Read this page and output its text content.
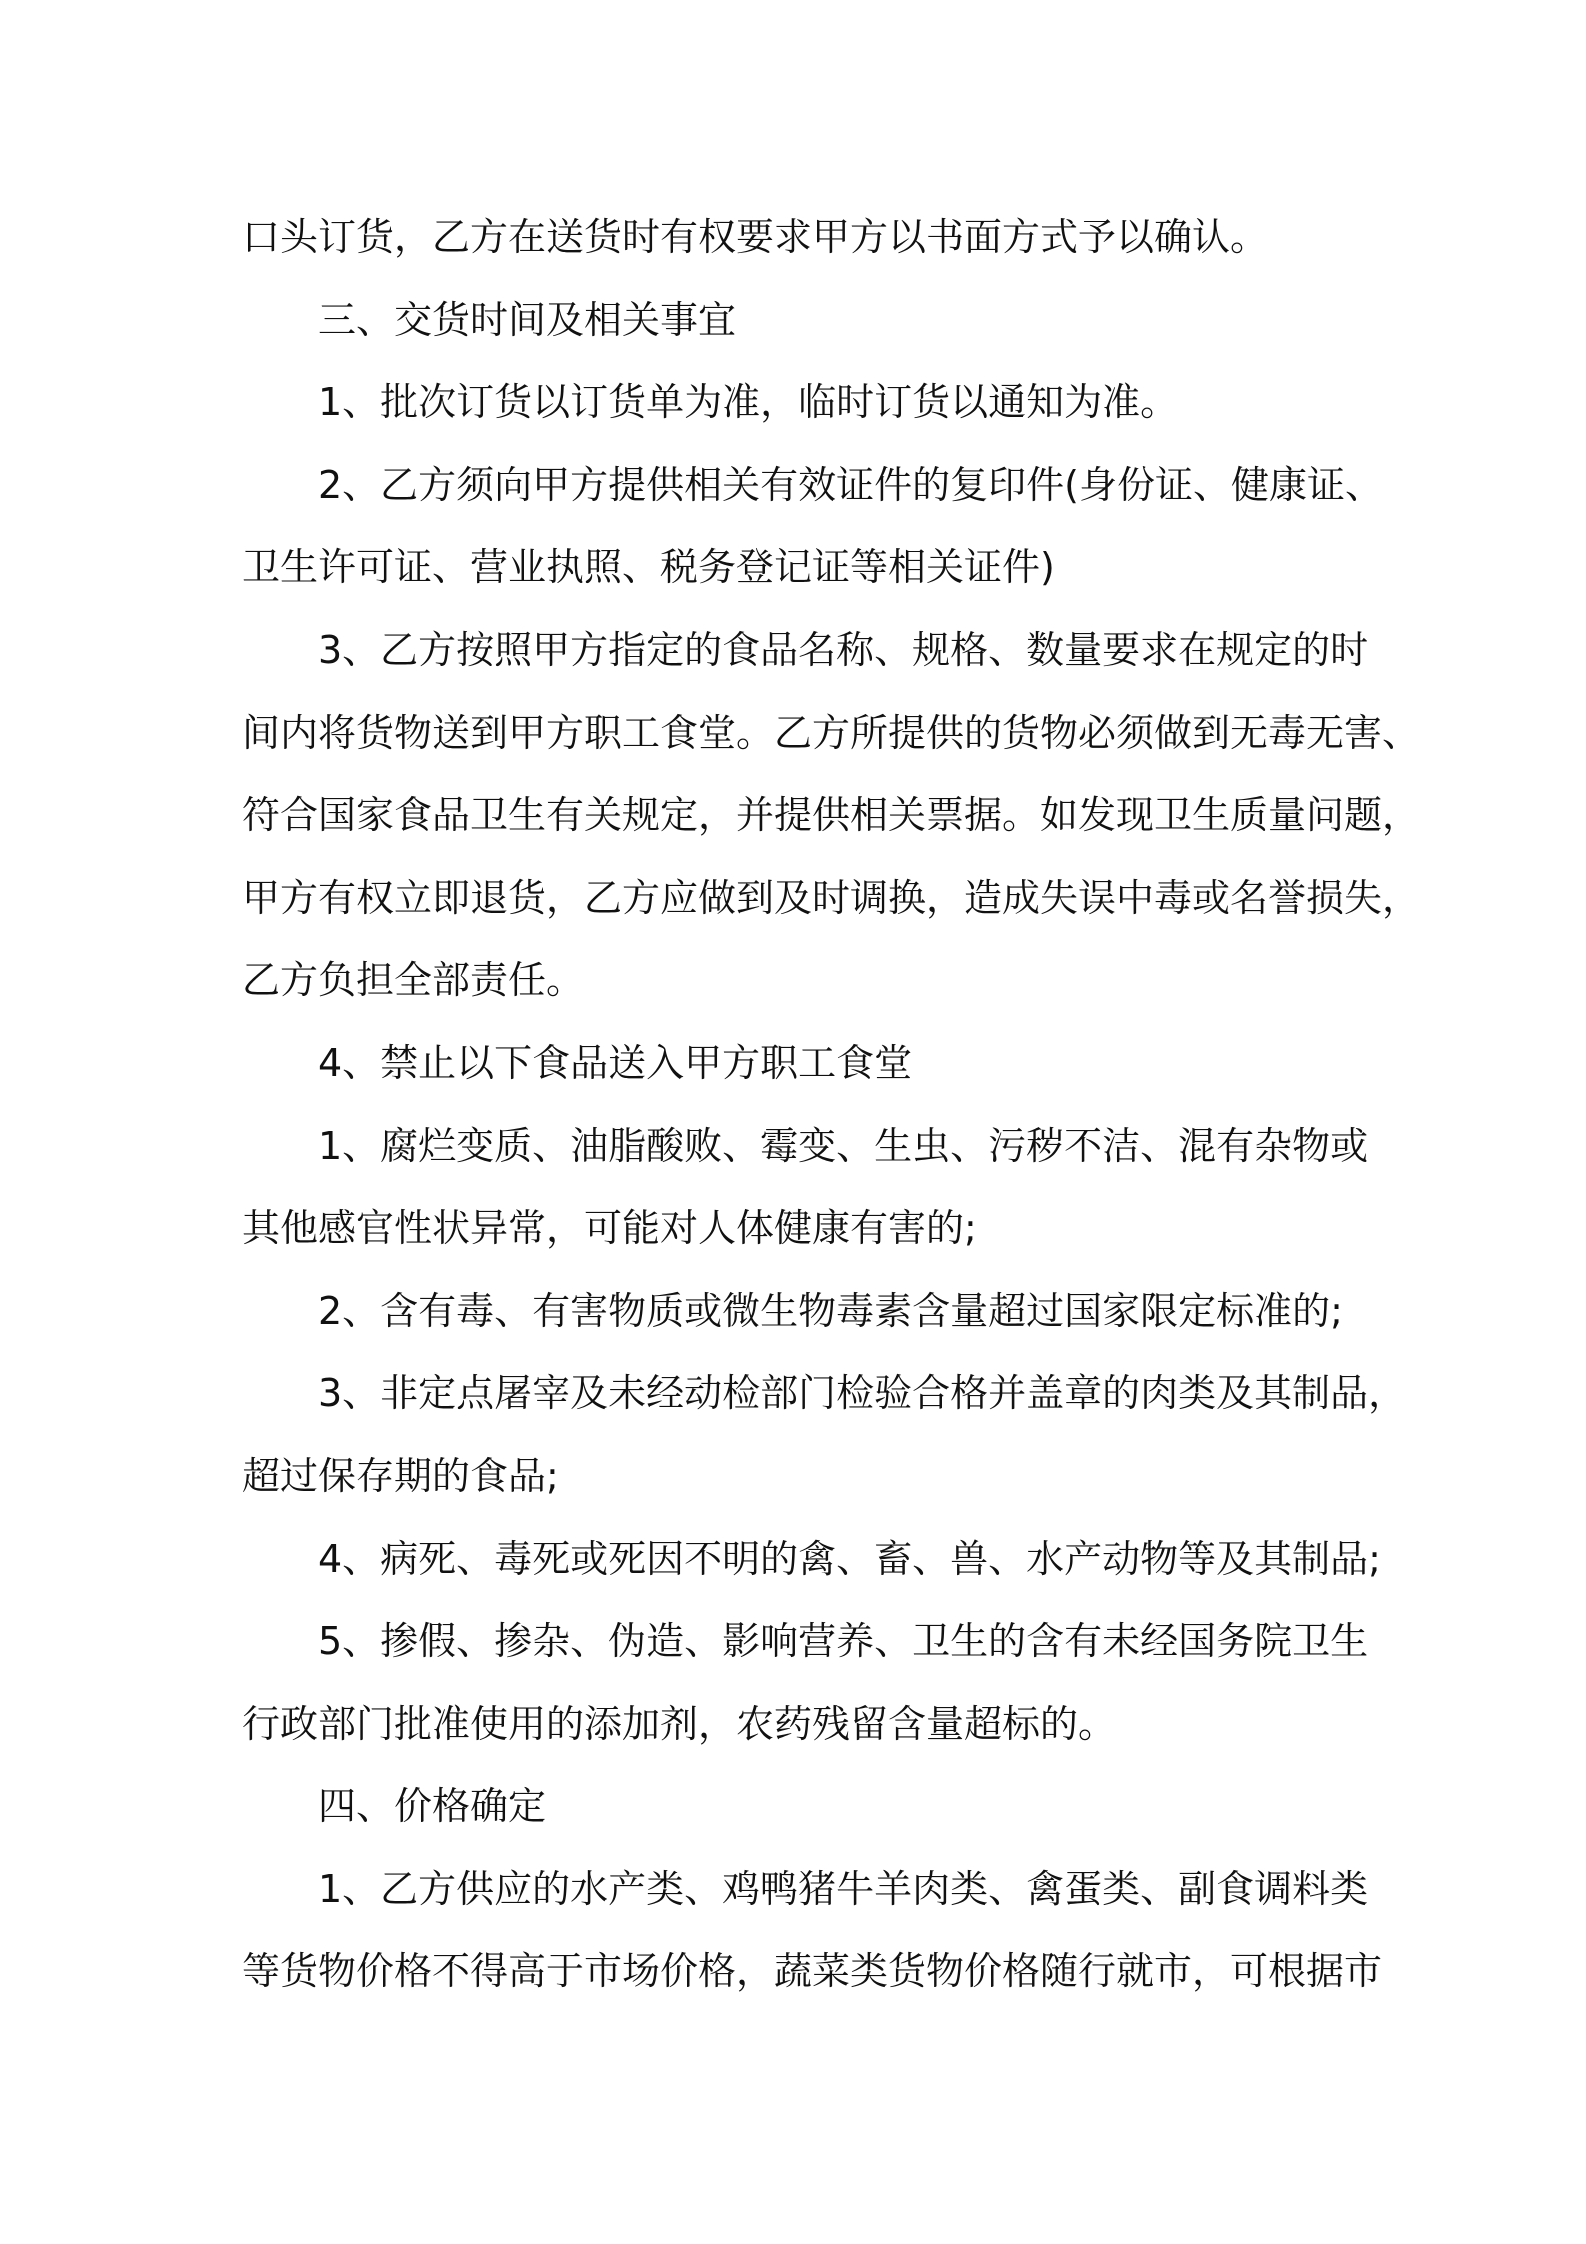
口头订货，乙方在送货时有权要求甲方以书面方式予以确认。
三、交货时间及相关事宜
1、批次订货以订货单为准，临时订货以通知为准。
2、乙方须向甲方提供相关有效证件的复印件(身份证、健康证、
卫生许可证、营业执照、税务登记证等相关证件)
3、乙方按照甲方指定的食品名称、规格、数量要求在规定的时
间内将货物送到甲方职工食堂。乙方所提供的货物必须做到无毒无害、
符合国家食品卫生有关规定，并提供相关票据。如发现卫生质量问题，
甲方有权立即退货，乙方应做到及时调换，造成失误中毒或名誉损失，
乙方负担全部责任。
4、禁止以下食品送入甲方职工食堂
1、腐烂变质、油脂酸败、霉变、生虫、污秽不洁、混有杂物或
其他感官性状异常，可能对人体健康有害的;
2、含有毒、有害物质或微生物毒素含量超过国家限定标准的;
3、非定点屠宰及未经动检部门检验合格并盖章的肉类及其制品，
超过保存期的食品;
4、病死、毒死或死因不明的禽、畜、兽、水产动物等及其制品;
5、掺假、掺杂、伪造、影响营养、卫生的含有未经国务院卫生
行政部门批准使用的添加剂，农药残留含量超标的。
四、价格确定
1、乙方供应的水产类、鸡鸭猪牛羊肉类、禽蛋类、副食调料类
等货物价格不得高于市场价格，蔬菜类货物价格随行就市，可根据市
